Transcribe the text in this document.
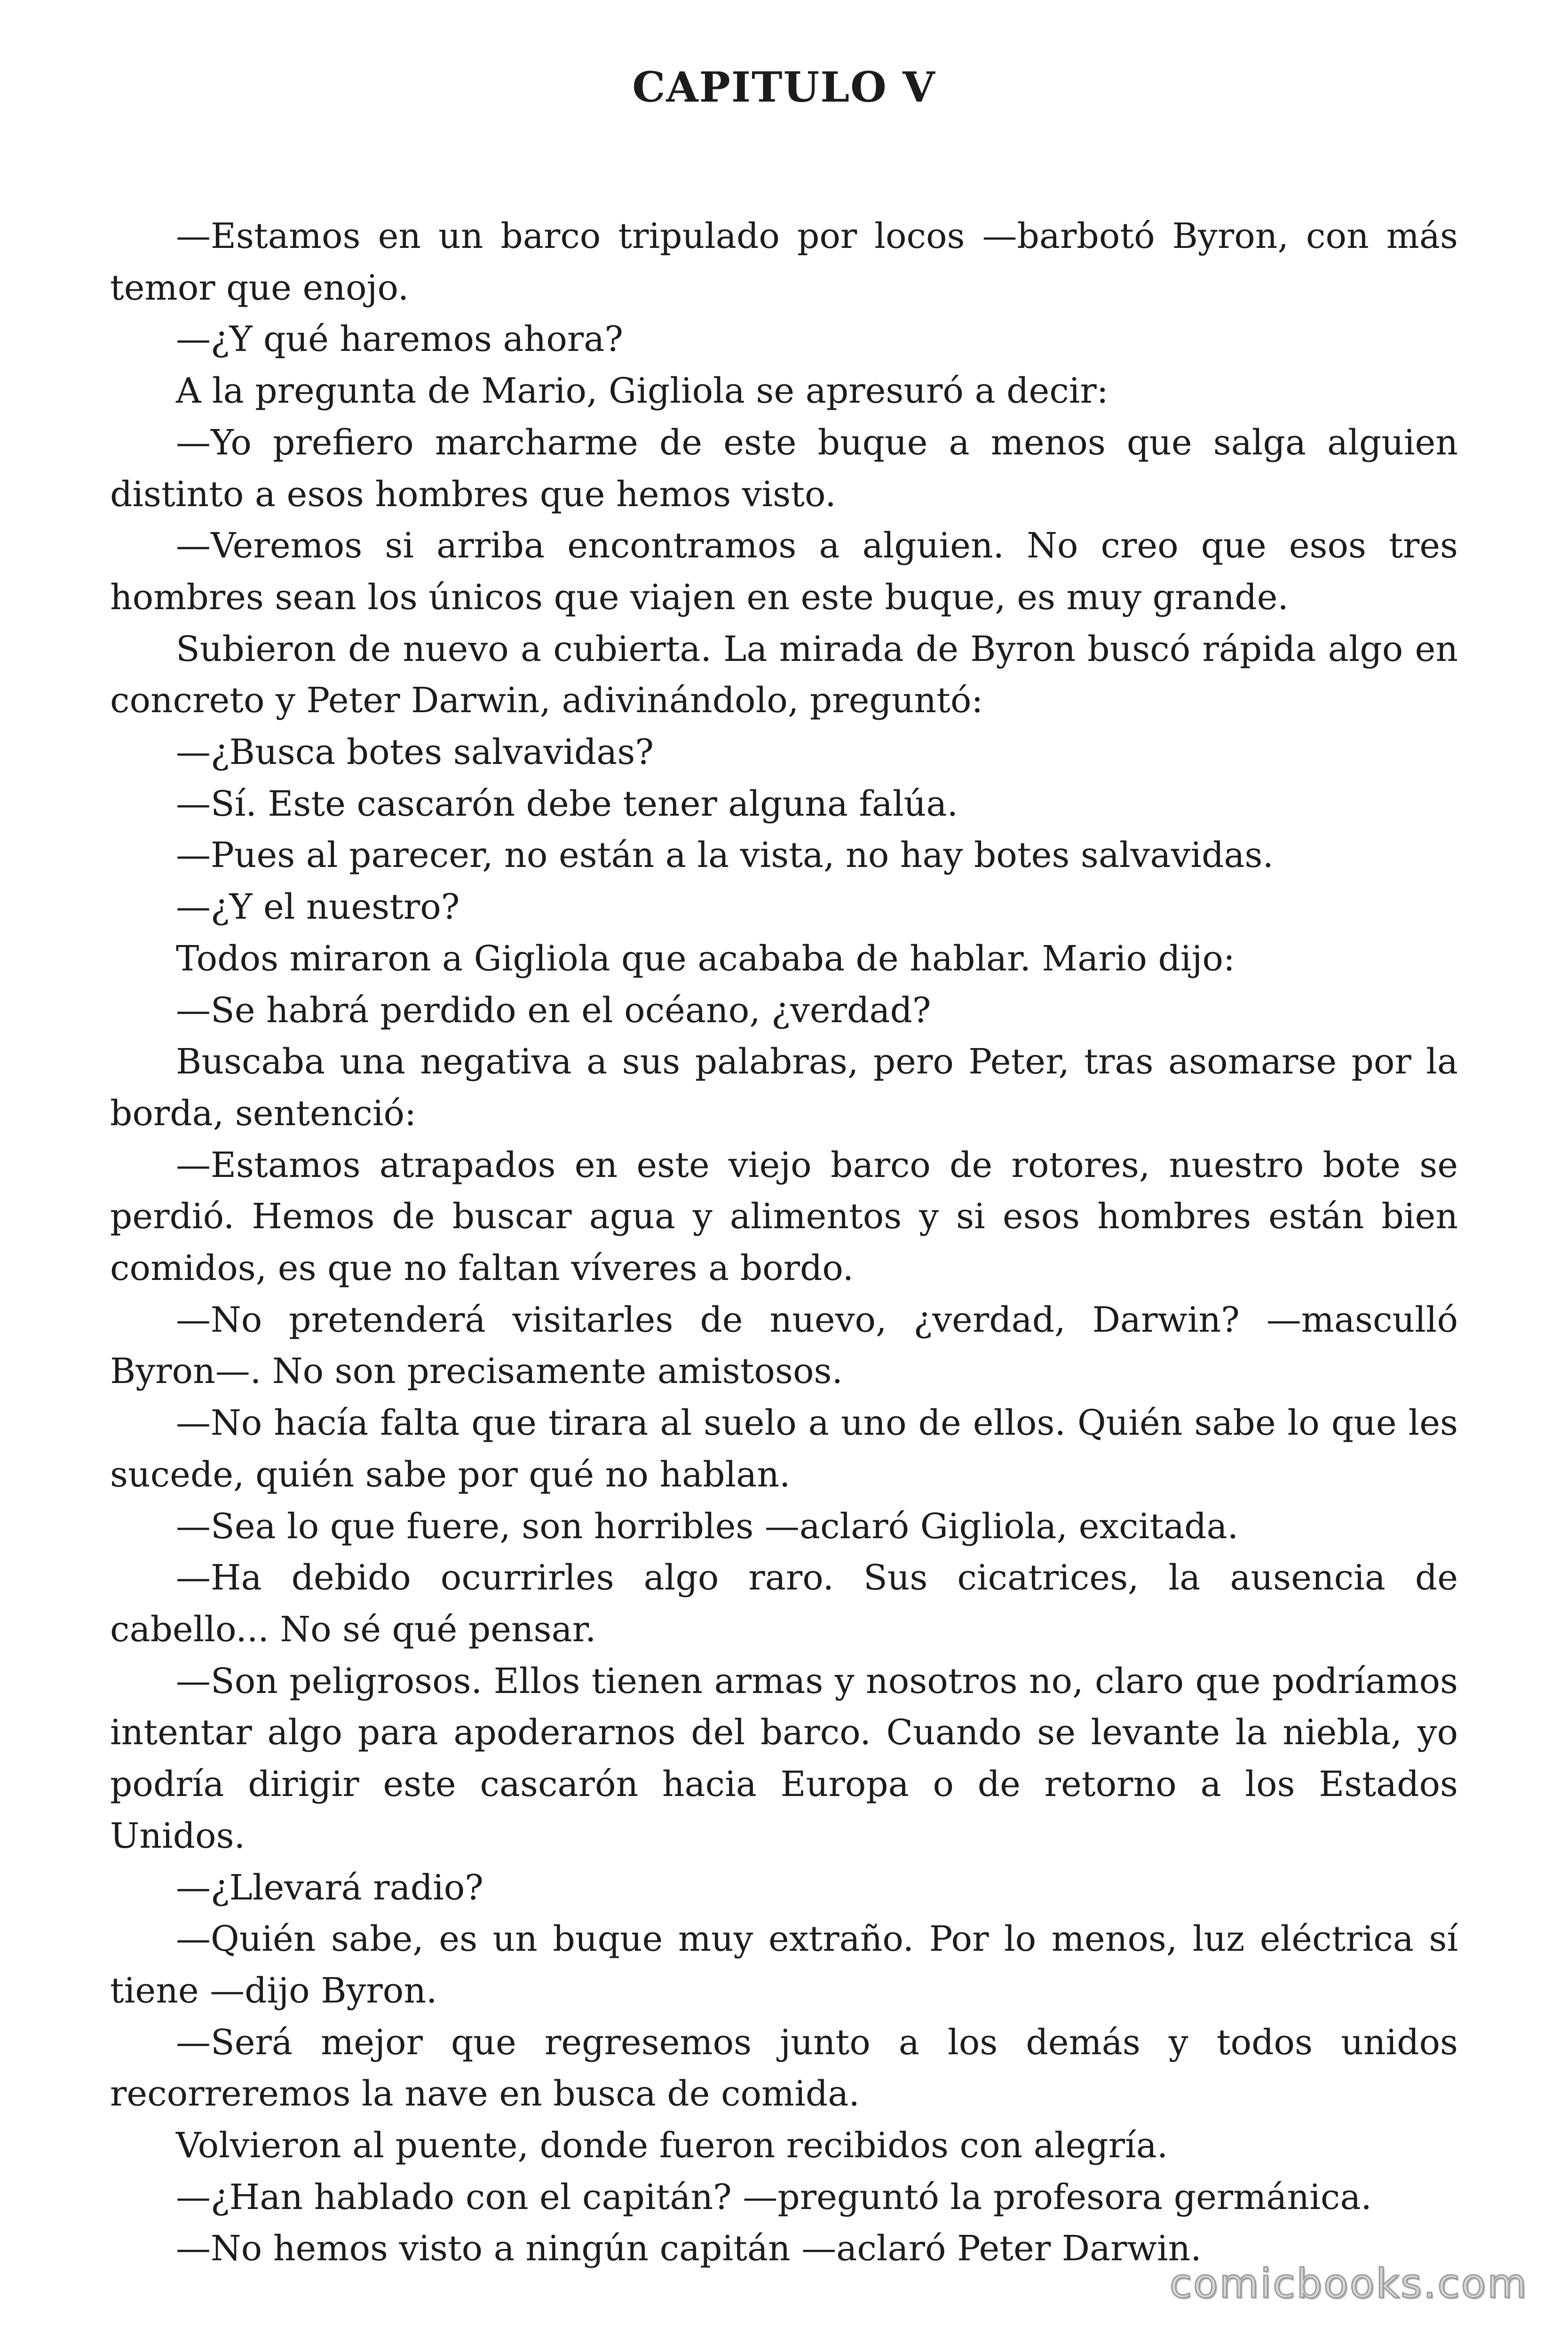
CAPITULO V

—Estamos en un barco tripulado por locos —barbotó Byron, con más temor que enojo.

—¿Y qué haremos ahora?

A la pregunta de Mario, Gigliola se apresuró a decir:

—Yo prefiero marcharme de este buque a menos que salga alguien distinto a esos hombres que hemos visto.

—Veremos si arriba encontramos a alguien. No creo que esos tres hombres sean los únicos que viajen en este buque, es muy grande.

Subieron de nuevo a cubierta. La mirada de Byron buscó rápida algo en concreto y Peter Darwin, adivinándolo, preguntó:

—¿Busca botes salvavidas?

—Sí. Este cascarón debe tener alguna falúa.

—Pues al parecer, no están a la vista, no hay botes salvavidas.

—¿Y el nuestro?

Todos miraron a Gigliola que acababa de hablar. Mario dijo:

—Se habrá perdido en el océano, ¿verdad?

Buscaba una negativa a sus palabras, pero Peter, tras asomarse por la borda, sentenció:

—Estamos atrapados en este viejo barco de rotores, nuestro bote se perdió. Hemos de buscar agua y alimentos y si esos hombres están bien comidos, es que no faltan víveres a bordo.

—No pretenderá visitarles de nuevo, ¿verdad, Darwin? —masculló Byron—. No son precisamente amistosos.

—No hacía falta que tirara al suelo a uno de ellos. Quién sabe lo que les sucede, quién sabe por qué no hablan.

—Sea lo que fuere, son horribles —aclaró Gigliola, excitada.

—Ha debido ocurrirles algo raro. Sus cicatrices, la ausencia de cabello... No sé qué pensar.

—Son peligrosos. Ellos tienen armas y nosotros no, claro que podríamos intentar algo para apoderarnos del barco. Cuando se levante la niebla, yo podría dirigir este cascarón hacia Europa o de retorno a los Estados Unidos.

—¿Llevará radio?

—Quién sabe, es un buque muy extraño. Por lo menos, luz eléctrica sí tiene —dijo Byron.

—Será mejor que regresemos junto a los demás y todos unidos recorreremos la nave en busca de comida.

Volvieron al puente, donde fueron recibidos con alegría.

—¿Han hablado con el capitán? —preguntó la profesora germánica.

—No hemos visto a ningún capitán —aclaró Peter Darwin.

comicbooks.com
